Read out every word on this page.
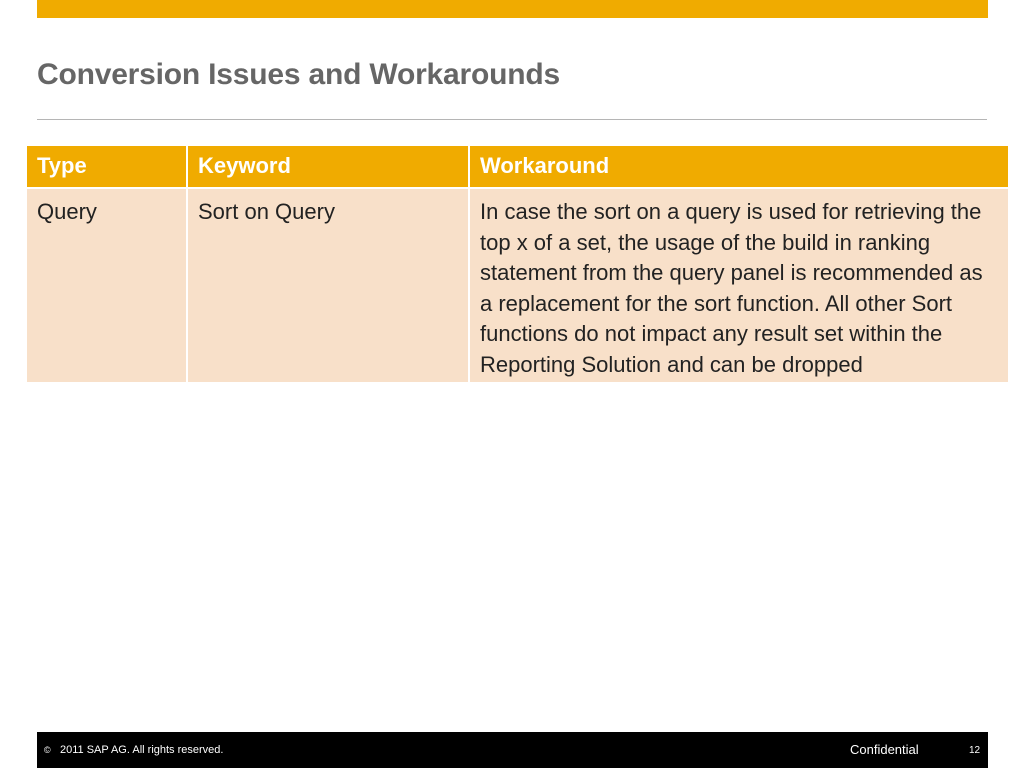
Conversion Issues and Workarounds
Type	Keyword	Workaround
Query	Sort on Query	In case the sort on a query is used for retrieving the top x of a set, the usage of the build in ranking statement from the query panel is recommended as a replacement for the sort function. All other Sort functions do not impact any result set within the Reporting Solution and can be dropped
© 2011 SAP AG. All rights reserved.	Confidential	12
